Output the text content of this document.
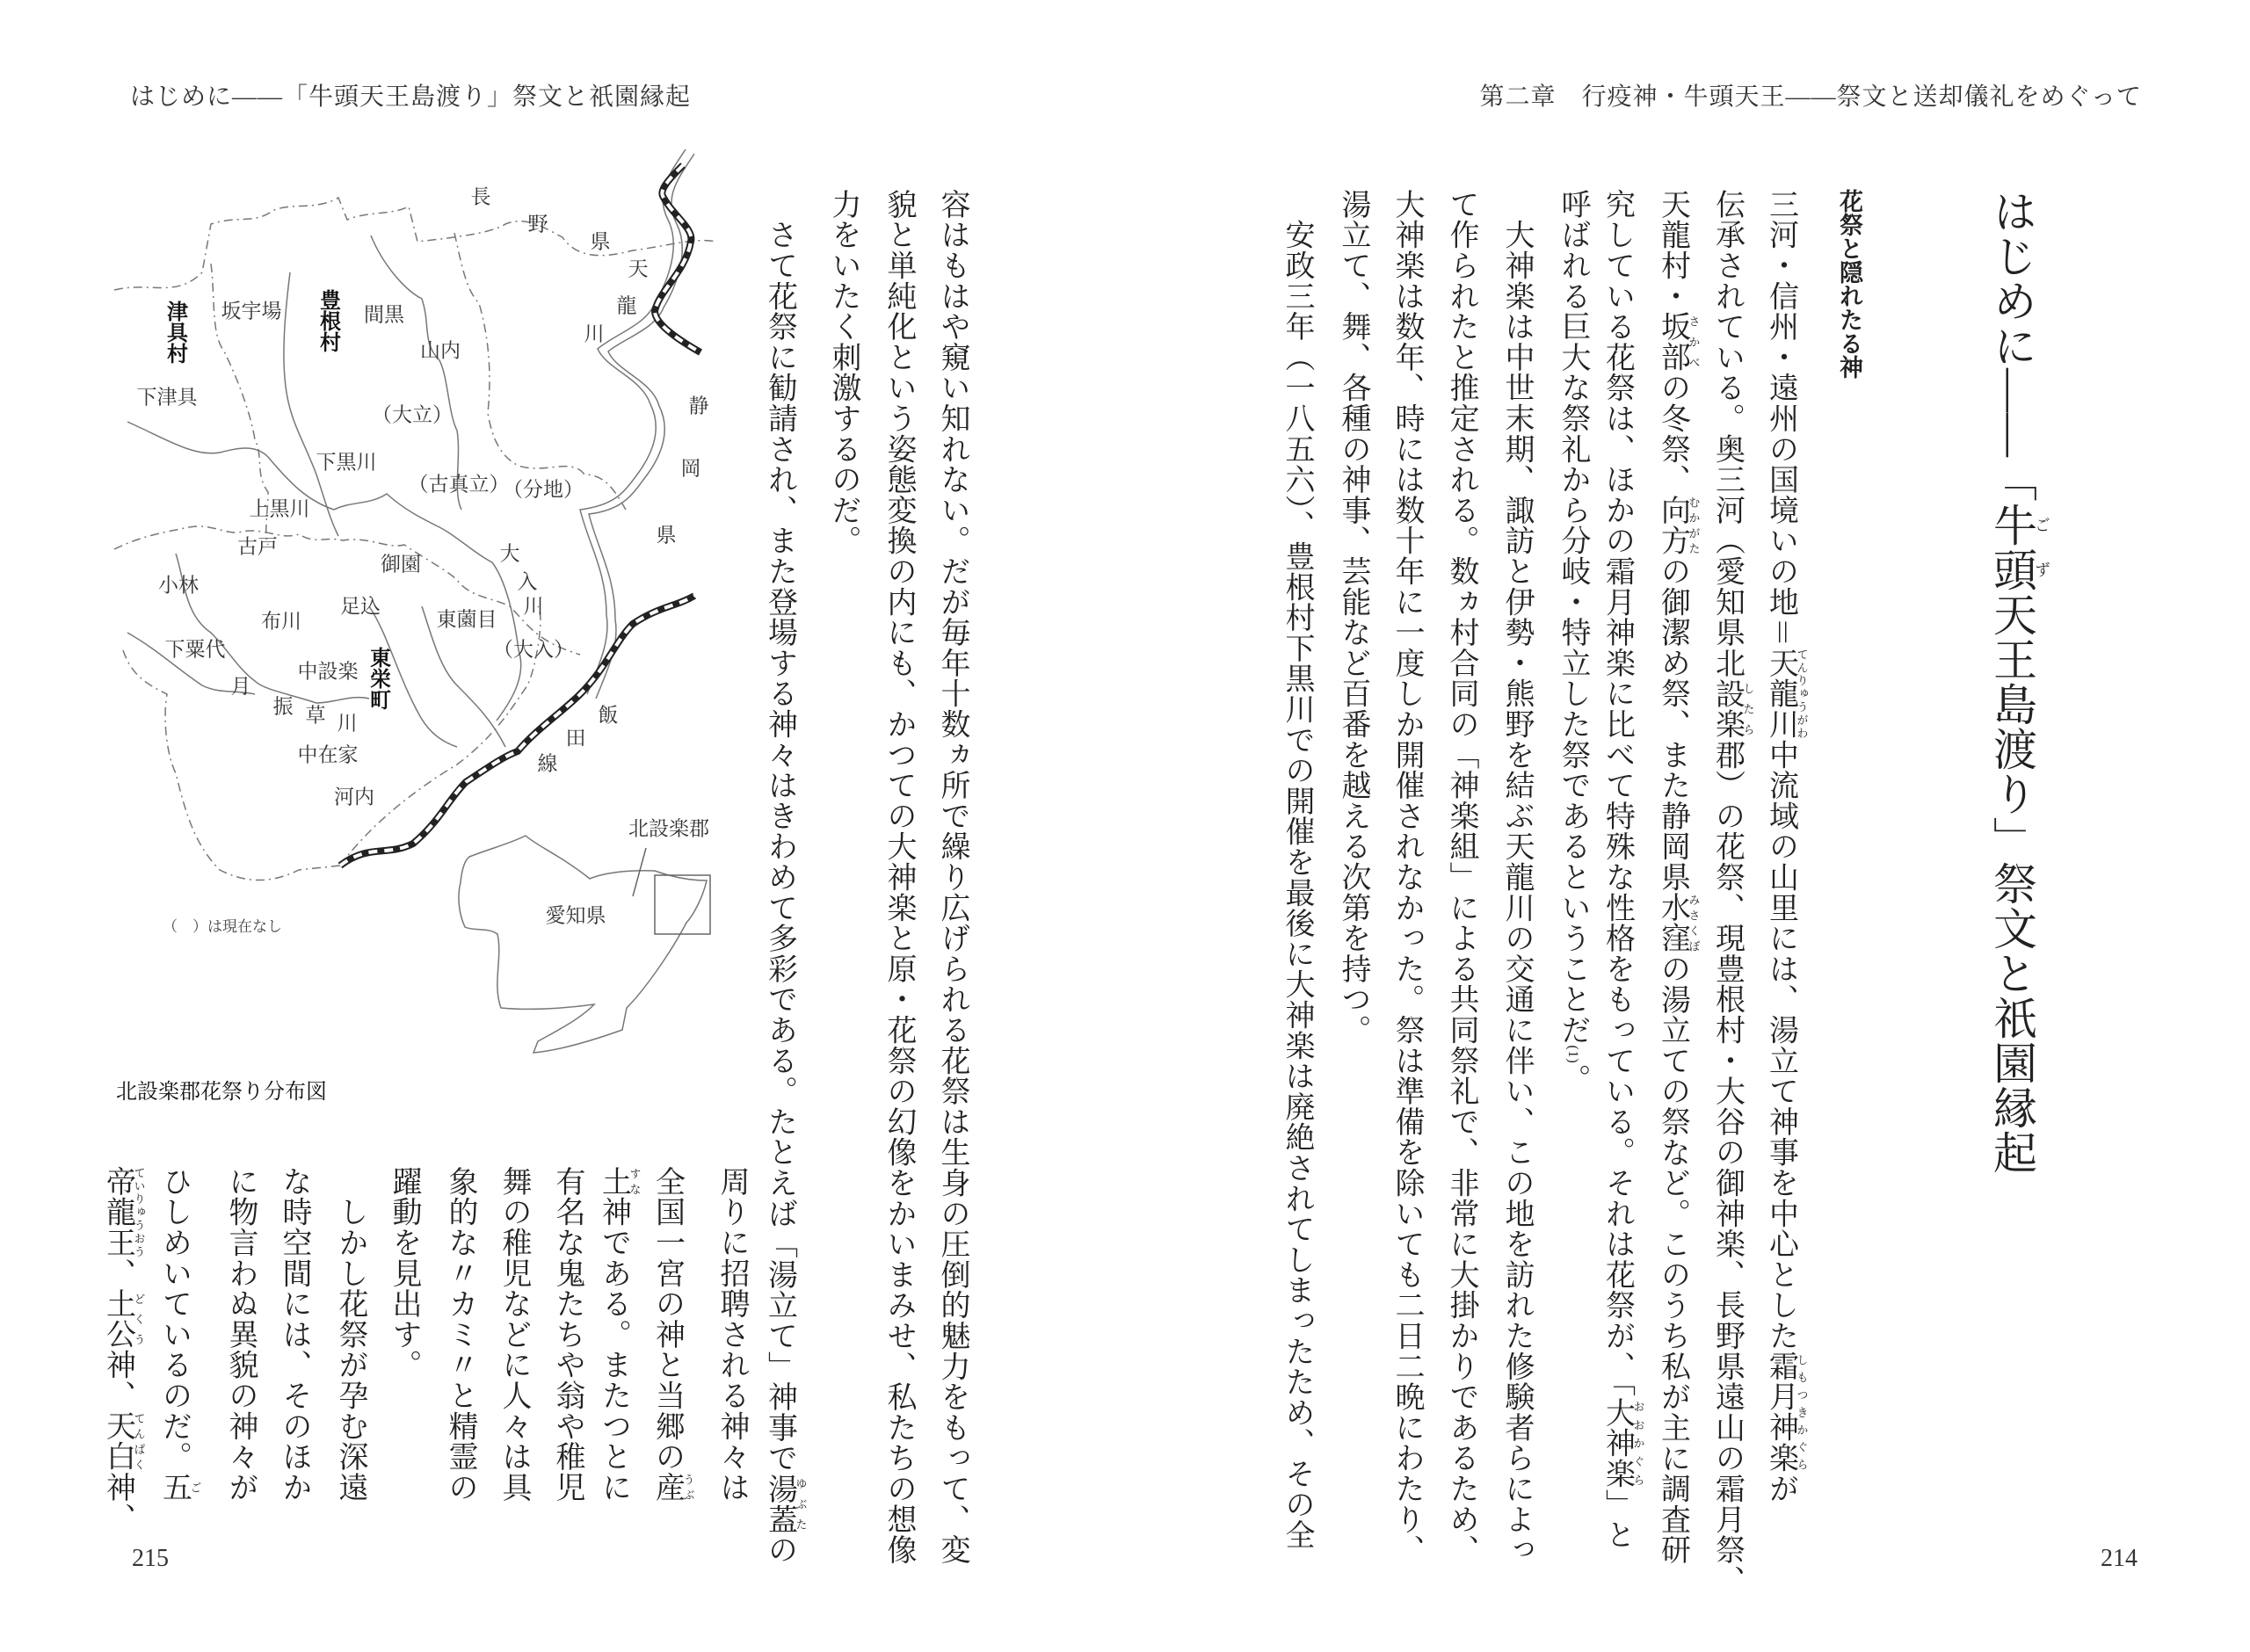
はじめに——「牛頭天王島渡り」祭文と祇園縁起	第二章　行疫神・牛頭天王——祭文と送却儀礼をめぐって
215	214
はじめに——「牛頭ごず天王島渡り」祭文と祇園縁起
花祭と隠れたる神
三河・信州・遠州の国境いの地＝天龍川てんりゅうがわ中流域の山里には、湯立て神事を中心とした霜月神楽しもつきかぐらが
伝承されている。奥三河（愛知県北設楽したら郡）の花祭、現豊根村・大谷の御神楽、長野県遠山の霜月祭、
天龍村・坂部さかべの冬祭、向方むかがたの御潔め祭、また静岡県水窪みさくぼの湯立ての祭など。このうち私が主に調査研
究している花祭は、ほかの霜月神楽に比べて特殊な性格をもっている。それは花祭が、「大神楽おおかぐら」と
呼ばれる巨大な祭礼から分岐・特立した祭であるということだ(1)。
　大神楽は中世末期、諏訪と伊勢・熊野を結ぶ天龍川の交通に伴い、この地を訪れた修験者らによっ
て作られたと推定される。数ヵ村合同の「神楽組」による共同祭礼で、非常に大掛かりであるため、
大神楽は数年、時には数十年に一度しか開催されなかった。祭は準備を除いても二日二晩にわたり、
湯立て、舞、各種の神事、芸能など百番を越える次第を持つ。
　安政三年（一八五六）、豊根村下黒川での開催を最後に大神楽は廃絶されてしまったため、その全
容はもはや窺い知れない。だが毎年十数ヵ所で繰り広げられる花祭は生身の圧倒的魅力をもって、変
貌と単純化という姿態変換の内にも、かつての大神楽と原・花祭の幻像をかいまみせ、私たちの想像
力をいたく刺激するのだ。
　さて花祭に勧請され、また登場する神々はきわめて多彩である。たとえば「湯立て」神事で湯蓋ゆぶたの
周りに招聘される神々は
全国一宮の神と当郷の産うぶ
土すな神である。またつとに
有名な鬼たちや翁や稚児
舞の稚児などに人々は具
象的な〃カミ〃と精霊の
躍動を見出す。
　しかし花祭が孕む深遠
な時空間には、そのほか
に物言わぬ異貌の神々が
ひしめいているのだ。五ご
帝龍王ていりゅうおう、土公どくう神、天白てんぱく神、
長
野
県
天
龍
川
静
岡
県
津具村	豊根村
東栄町
坂宇場	間黒
山内
下津具
（大立）
下黒川
（古真立）
（分地）
上黒川
古戸
御園	大
入
川
小林
足込
布川	東薗目
下粟代	（大入）
中設楽
月
振 草 川
中在家
河内
飯
田
線
北設楽郡
愛知県
（　）は現在なし
北設楽郡花祭り分布図
